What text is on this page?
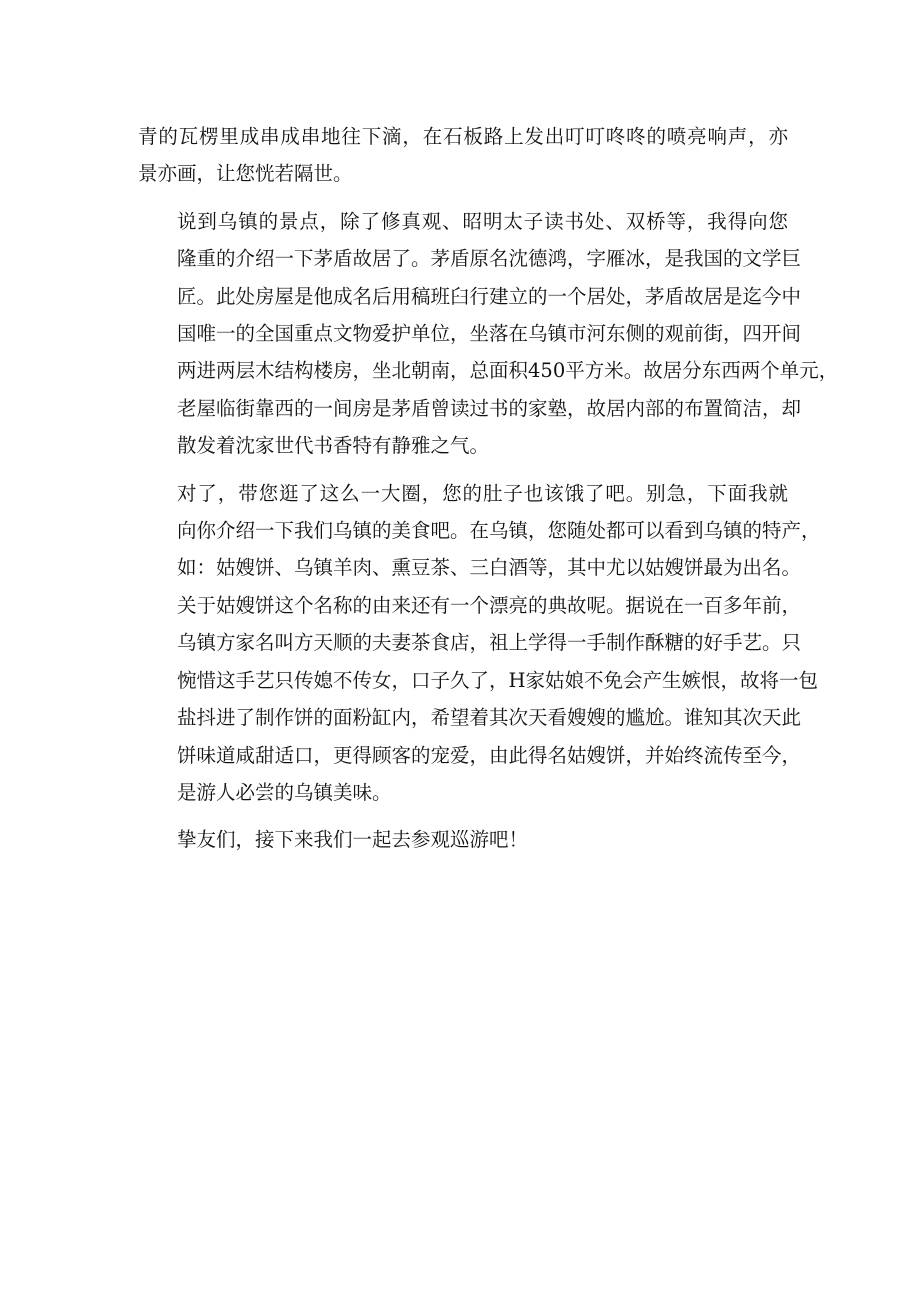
青的瓦楞里成串成串地往下滴，在石板路上发出叮叮咚咚的喷亮响声，亦
景亦画，让您恍若隔世。

说到乌镇的景点，除了修真观、昭明太子读书处、双桥等，我得向您
隆重的介绍一下茅盾故居了。茅盾原名沈德鸿，字雁冰，是我国的文学巨
匠。此处房屋是他成名后用稿班臼行建立的一个居处，茅盾故居是迄今中
国唯一的全国重点文物爱护单位，坐落在乌镇市河东侧的观前街，四开间
两进两层木结构楼房，坐北朝南，总面积450平方米。故居分东西两个单元，
老屋临街靠西的一间房是茅盾曾读过书的家塾，故居内部的布置简洁，却
散发着沈家世代书香特有静雅之气。

对了，带您逛了这么一大圈，您的肚子也该饿了吧。别急，下面我就
向你介绍一下我们乌镇的美食吧。在乌镇，您随处都可以看到乌镇的特产，
如：姑嫂饼、乌镇羊肉、熏豆茶、三白酒等，其中尤以姑嫂饼最为出名。
关于姑嫂饼这个名称的由来还有一个漂亮的典故呢。据说在一百多年前，
乌镇方家名叫方天顺的夫妻茶食店，祖上学得一手制作酥糖的好手艺。只
惋惜这手艺只传媳不传女，口子久了，H家姑娘不免会产生嫉恨，故将一包
盐抖进了制作饼的面粉缸内，希望着其次天看嫂嫂的尴尬。谁知其次天此
饼味道咸甜适口，更得顾客的宠爱，由此得名姑嫂饼，并始终流传至今，
是游人必尝的乌镇美味。

挚友们，接下来我们一起去参观巡游吧！
